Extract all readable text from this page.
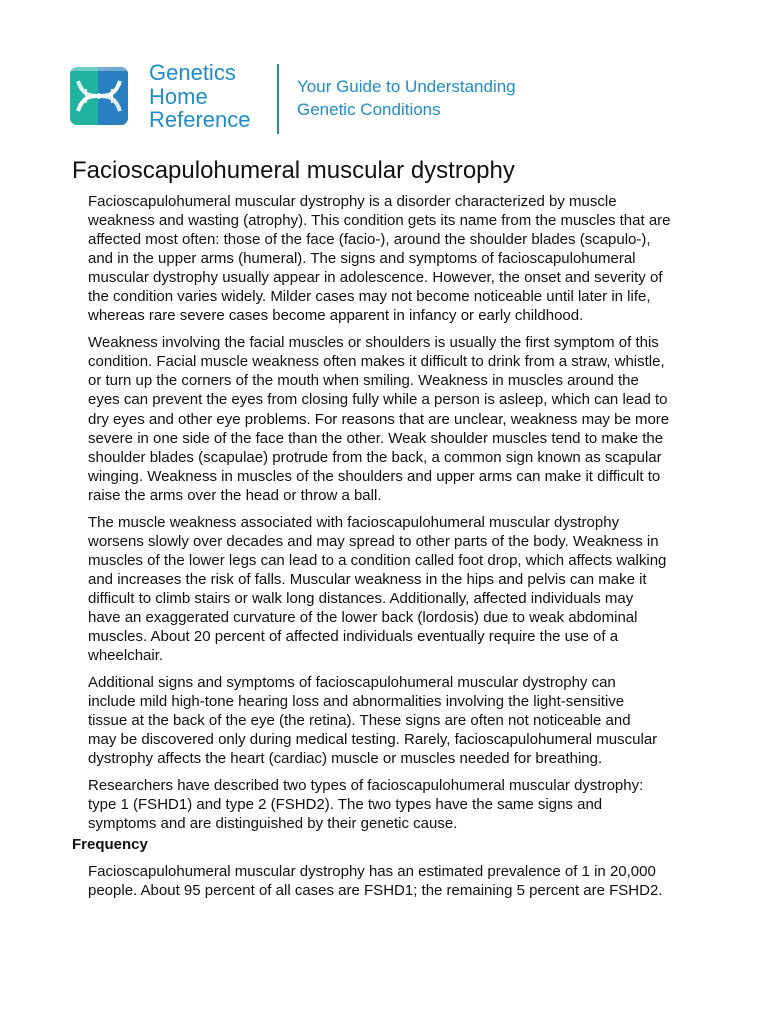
Genetics
Home
Reference
Your Guide to Understanding
Genetic Conditions
Facioscapulohumeral muscular dystrophy

Facioscapulohumeral muscular dystrophy is a disorder characterized by muscle
weakness and wasting (atrophy). This condition gets its name from the muscles that are
affected most often: those of the face (facio-), around the shoulder blades (scapulo-),
and in the upper arms (humeral). The signs and symptoms of facioscapulohumeral
muscular dystrophy usually appear in adolescence. However, the onset and severity of
the condition varies widely. Milder cases may not become noticeable until later in life,
whereas rare severe cases become apparent in infancy or early childhood.

Weakness involving the facial muscles or shoulders is usually the first symptom of this
condition. Facial muscle weakness often makes it difficult to drink from a straw, whistle,
or turn up the corners of the mouth when smiling. Weakness in muscles around the
eyes can prevent the eyes from closing fully while a person is asleep, which can lead to
dry eyes and other eye problems. For reasons that are unclear, weakness may be more
severe in one side of the face than the other. Weak shoulder muscles tend to make the
shoulder blades (scapulae) protrude from the back, a common sign known as scapular
winging. Weakness in muscles of the shoulders and upper arms can make it difficult to
raise the arms over the head or throw a ball.

The muscle weakness associated with facioscapulohumeral muscular dystrophy
worsens slowly over decades and may spread to other parts of the body. Weakness in
muscles of the lower legs can lead to a condition called foot drop, which affects walking
and increases the risk of falls. Muscular weakness in the hips and pelvis can make it
difficult to climb stairs or walk long distances. Additionally, affected individuals may
have an exaggerated curvature of the lower back (lordosis) due to weak abdominal
muscles. About 20 percent of affected individuals eventually require the use of a
wheelchair.

Additional signs and symptoms of facioscapulohumeral muscular dystrophy can
include mild high-tone hearing loss and abnormalities involving the light-sensitive
tissue at the back of the eye (the retina). These signs are often not noticeable and
may be discovered only during medical testing. Rarely, facioscapulohumeral muscular
dystrophy affects the heart (cardiac) muscle or muscles needed for breathing.

Researchers have described two types of facioscapulohumeral muscular dystrophy:
type 1 (FSHD1) and type 2 (FSHD2). The two types have the same signs and
symptoms and are distinguished by their genetic cause.

Frequency

Facioscapulohumeral muscular dystrophy has an estimated prevalence of 1 in 20,000
people. About 95 percent of all cases are FSHD1; the remaining 5 percent are FSHD2.
